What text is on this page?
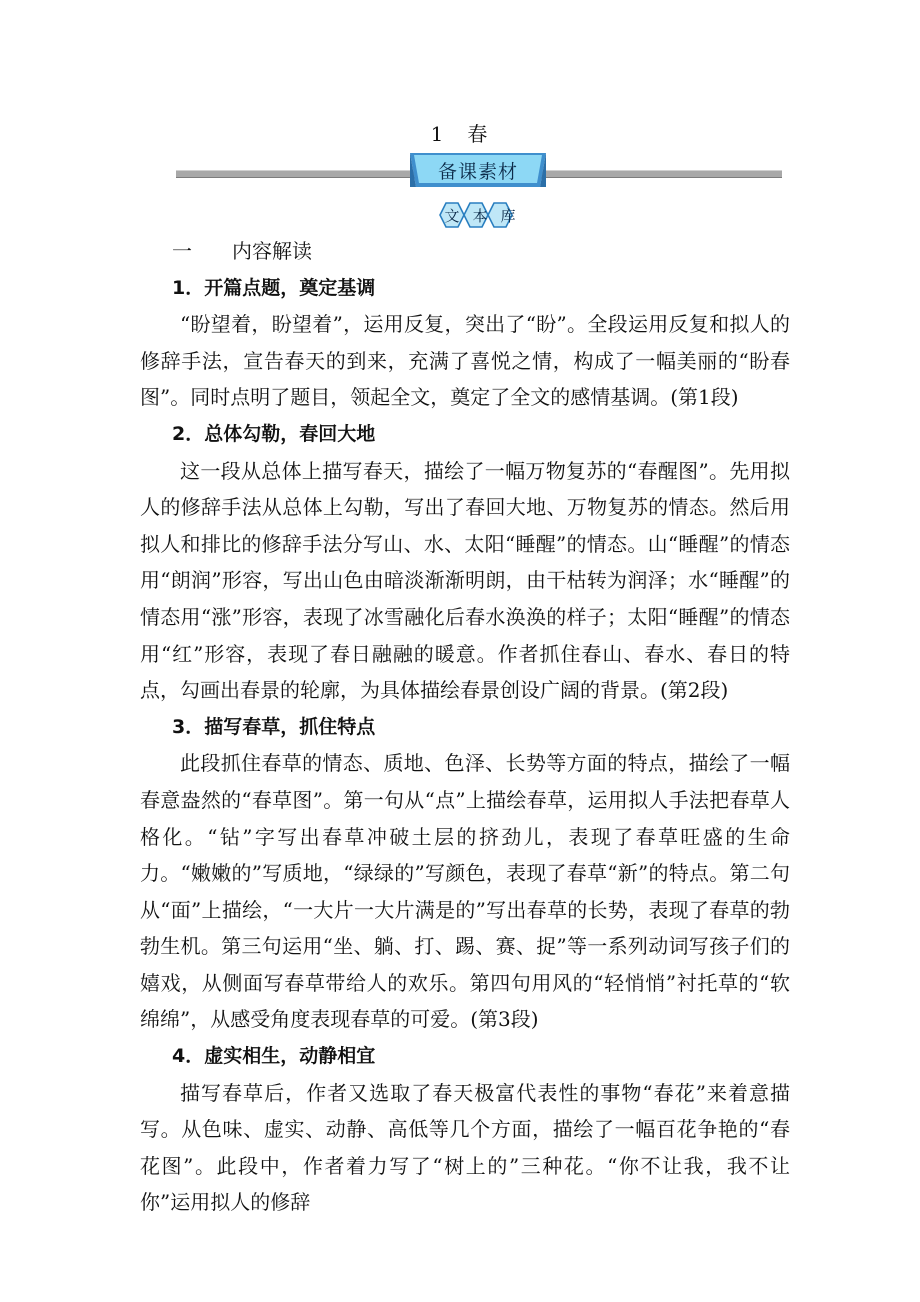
1　春
备课素材
文 本 库

一 内容解读

1．开篇点题，奠定基调

“盼望着，盼望着”，运用反复，突出了“盼”。全段运用反复和拟人的修辞手法，宣告春天的到来，充满了喜悦之情，构成了一幅美丽的“盼春图”。同时点明了题目，领起全文，奠定了全文的感情基调。(第1段)

2．总体勾勒，春回大地

这一段从总体上描写春天，描绘了一幅万物复苏的“春醒图”。先用拟人的修辞手法从总体上勾勒，写出了春回大地、万物复苏的情态。然后用拟人和排比的修辞手法分写山、水、太阳“睡醒”的情态。山“睡醒”的情态用“朗润”形容，写出山色由暗淡渐渐明朗，由干枯转为润泽；水“睡醒”的情态用“涨”形容，表现了冰雪融化后春水涣涣的样子；太阳“睡醒”的情态用“红”形容，表现了春日融融的暖意。作者抓住春山、春水、春日的特点，勾画出春景的轮廓，为具体描绘春景创设广阔的背景。(第2段)

3．描写春草，抓住特点

此段抓住春草的情态、质地、色泽、长势等方面的特点，描绘了一幅春意盎然的“春草图”。第一句从“点”上描绘春草，运用拟人手法把春草人格化。“钻”字写出春草冲破土层的挤劲儿，表现了春草旺盛的生命力。“嫩嫩的”写质地，“绿绿的”写颜色，表现了春草“新”的特点。第二句从“面”上描绘，“一大片一大片满是的”写出春草的长势，表现了春草的勃勃生机。第三句运用“坐、躺、打、踢、赛、捉”等一系列动词写孩子们的嬉戏，从侧面写春草带给人的欢乐。第四句用风的“轻悄悄”衬托草的“软绵绵”，从感受角度表现春草的可爱。(第3段)

4．虚实相生，动静相宜

描写春草后，作者又选取了春天极富代表性的事物“春花”来着意描写。从色味、虚实、动静、高低等几个方面，描绘了一幅百花争艳的“春花图”。此段中，作者着力写了“树上的”三种花。“你不让我，我不让你”运用拟人的修辞
